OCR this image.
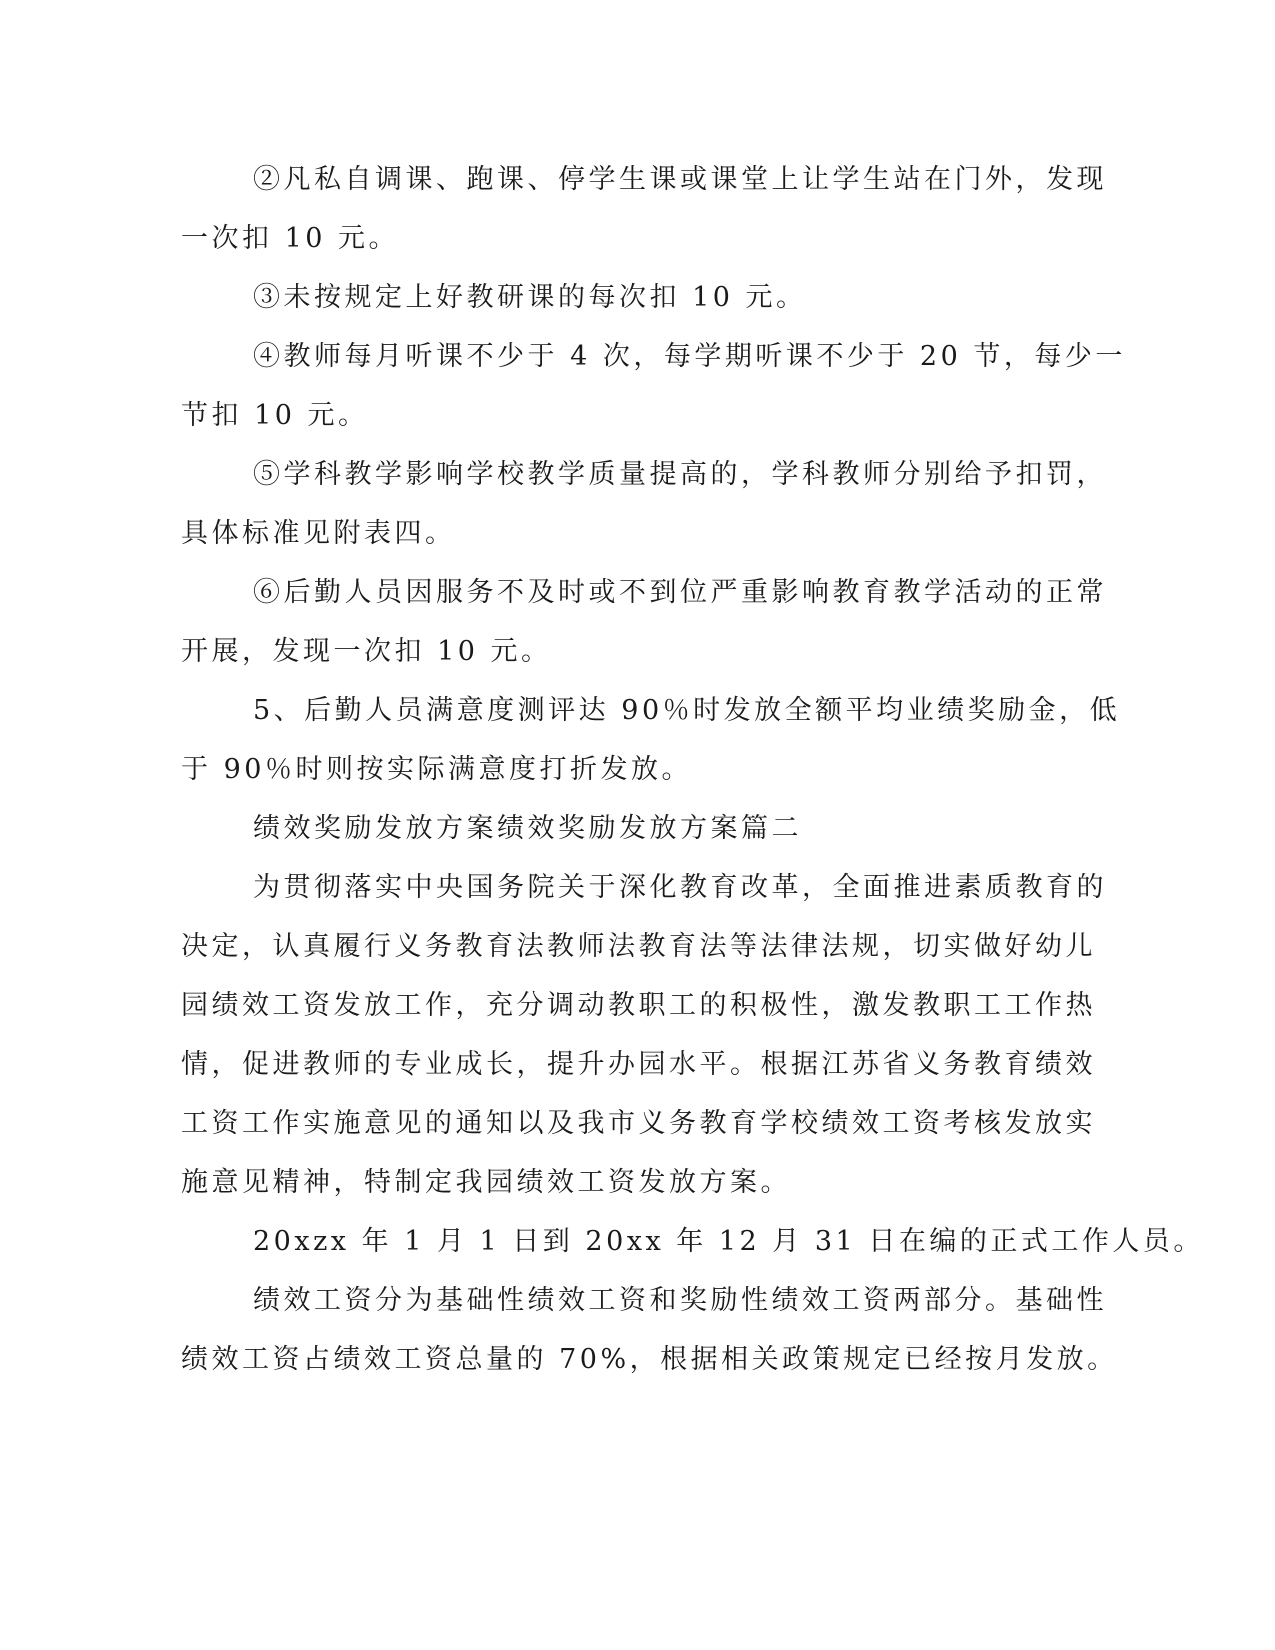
②凡私自调课、跑课、停学生课或课堂上让学生站在门外，发现
一次扣 10 元。

③未按规定上好教研课的每次扣 10 元。

④教师每月听课不少于 4 次，每学期听课不少于 20 节，每少一
节扣 10 元。

⑤学科教学影响学校教学质量提高的，学科教师分别给予扣罚，
具体标准见附表四。

⑥后勤人员因服务不及时或不到位严重影响教育教学活动的正常
开展，发现一次扣 10 元。

5、后勤人员满意度测评达 90％时发放全额平均业绩奖励金，低
于 90％时则按实际满意度打折发放。

绩效奖励发放方案绩效奖励发放方案篇二

为贯彻落实中央国务院关于深化教育改革，全面推进素质教育的
决定，认真履行义务教育法教师法教育法等法律法规，切实做好幼儿
园绩效工资发放工作，充分调动教职工的积极性，激发教职工工作热
情，促进教师的专业成长，提升办园水平。根据江苏省义务教育绩效
工资工作实施意见的通知以及我市义务教育学校绩效工资考核发放实
施意见精神，特制定我园绩效工资发放方案。

20xzx 年 1 月 1 日到 20xx 年 12 月 31 日在编的正式工作人员。

绩效工资分为基础性绩效工资和奖励性绩效工资两部分。基础性
绩效工资占绩效工资总量的 70%，根据相关政策规定已经按月发放。
